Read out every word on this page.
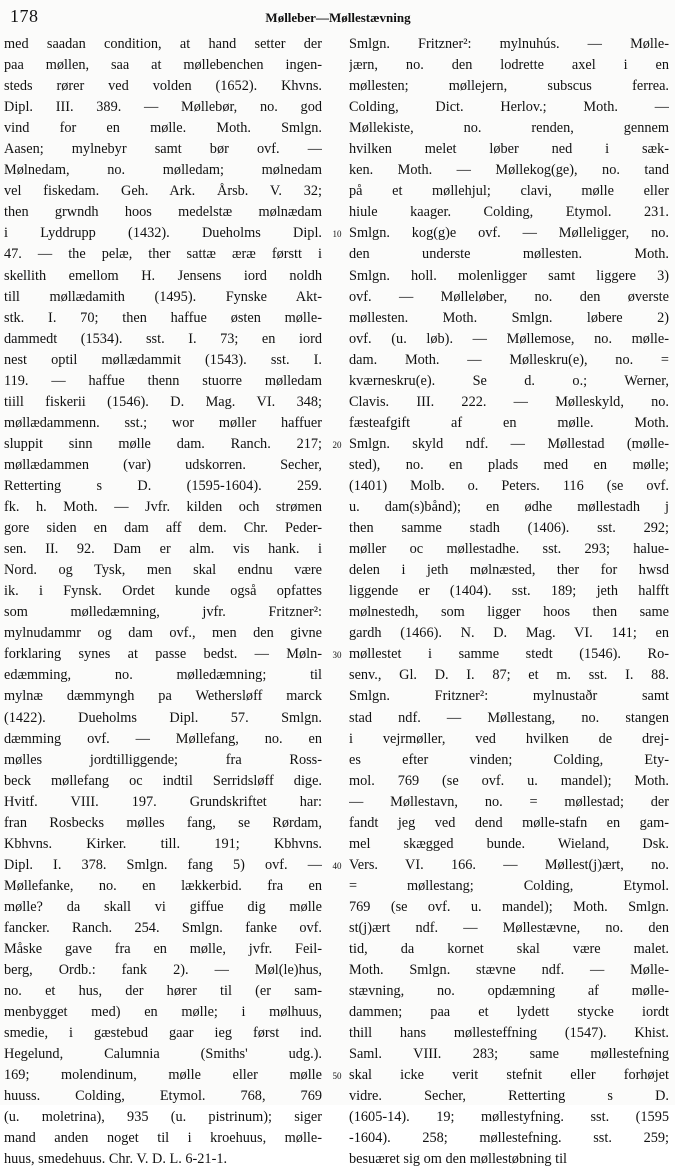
178	Mølleber—Møllestævning
med saadan condition, at hand setter der
paa møllen, saa at møllebenchen ingen-
steds rører ved volden (1652). Khvns.
Dipl. III. 389. — Møllebør, no. god
vind for en mølle. Moth. Smlgn.
Aasen; mylnebyr samt bør ovf. —
Mølnedam, no. mølledam; mølnedam
vel fiskedam. Geh. Ark. Årsb. V. 32;
then grwndh hoos medelstæ mølnædam
i Lyddrupp (1432). Dueholms Dipl.
47. — the pelæ, ther sattæ æræ førstt i
skellith emellom H. Jensens iord noldh
till møllædamith (1495). Fynske Akt-
stk. I. 70; then haffue østen mølle-
dammedt (1534). sst. I. 73; en iord
nest optil møllædammit (1543). sst. I.
119. — haffue thenn stuorre mølledam
tiill fiskerii (1546). D. Mag. VI. 348;
møllædammenn. sst.; wor møller haffuer
sluppit sinn mølle dam. Ranch. 217;
møllædammen (var) udskorren. Secher,
Retterting s D. (1595-1604). 259.
fk. h. Moth. — Jvfr. kilden och strømen
gore siden en dam aff dem. Chr. Peder-
sen. II. 92. Dam er alm. vis hank. i
Nord. og Tysk, men skal endnu være
ik. i Fynsk. Ordet kunde også opfattes
som mølledæmning, jvfr. Fritzner²:
mylnudammr og dam ovf., men den givne
forklaring synes at passe bedst. — Møln-
edæmming, no. mølledæmning; til
mylnæ dæmmyngh pa Wethersløff marck
(1422). Dueholms Dipl. 57. Smlgn.
dæmming ovf. — Møllefang, no. en
mølles jordtilliggende; fra Ross-
beck møllefang oc indtil Serridsløff dige.
Hvitf. VIII. 197. Grundskriftet har:
fran Rosbecks mølles fang, se Rørdam,
Kbhvns. Kirker. till. 191; Kbhvns.
Dipl. I. 378. Smlgn. fang 5) ovf. —
Møllefanke, no. en lækkerbid. fra en
mølle? da skall vi giffue dig mølle
fancker. Ranch. 254. Smlgn. fanke ovf.
Måske gave fra en mølle, jvfr. Feil-
berg, Ordb.: fank 2). — Møl(le)hus,
no. et hus, der hører til (er sam-
menbygget med) en mølle; i mølhuus,
smedie, i gæstebud gaar ieg først ind.
Hegelund, Calumnia (Smiths' udg.).
169; molendinum, mølle eller mølle
huuss. Colding, Etymol. 768, 769
(u. moletrina), 935 (u. pistrinum); siger
mand anden noget til i kroehuus, mølle-
huus, smedehuus. Chr. V. D. L. 6-21-1.
10
20
30
40
50
Smlgn. Fritzner²: mylnuhús. — Mølle-
jærn, no. den lodrette axel i en
møllesten; møllejern, subscus ferrea.
Colding, Dict. Herlov.; Moth. —
Møllekiste, no. renden, gennem
hvilken melet løber ned i sæk-
ken. Moth. — Møllekog(ge), no. tand
på et møllehjul; clavi, mølle eller
hiule kaager. Colding, Etymol. 231.
Smlgn. kog(g)e ovf. — Mølleligger, no.
den underste møllesten. Moth.
Smlgn. holl. molenligger samt liggere 3)
ovf. — Mølleløber, no. den øverste
møllesten. Moth. Smlgn. løbere 2)
ovf. (u. løb). — Møllemose, no. mølle-
dam. Moth. — Mølleskru(e), no. =
kværneskru(e). Se d. o.; Werner,
Clavis. III. 222. — Mølleskyld, no.
fæsteafgift af en mølle. Moth.
Smlgn. skyld ndf. — Møllestad (mølle-
sted), no. en plads med en mølle;
(1401) Molb. o. Peters. 116 (se ovf.
u. dam(s)bånd); en ødhe møllestadh j
then samme stadh (1406). sst. 292;
møller oc møllestadhe. sst. 293; halue-
delen i jeth mølnæsted, ther for hwsd
liggende er (1404). sst. 189; jeth halfft
mølnestedh, som ligger hoos then same
gardh (1466). N. D. Mag. VI. 141; en
møllestet i samme stedt (1546). Ro-
senv., Gl. D. I. 87; et m. sst. I. 88.
Smlgn. Fritzner²: mylnustaðr samt
stad ndf. — Møllestang, no. stangen
i vejrmøller, ved hvilken de drej-
es efter vinden; Colding, Ety-
mol. 769 (se ovf. u. mandel); Moth.
— Møllestavn, no. = møllestad; der
fandt jeg ved dend mølle-stafn en gam-
mel skægged bunde. Wieland, Dsk.
Vers. VI. 166. — Møllest(j)ært, no.
= møllestang; Colding, Etymol.
769 (se ovf. u. mandel); Moth. Smlgn.
st(j)ært ndf. — Møllestævne, no. den
tid, da kornet skal være malet.
Moth. Smlgn. stævne ndf. — Mølle-
stævning, no. opdæmning af mølle-
dammen; paa et lydett stycke iordt
thill hans møllesteffning (1547). Khist.
Saml. VIII. 283; same møllestefning
skal icke verit stefnit eller forhøjet
vidre. Secher, Retterting s D.
(1605-14). 19; møllestyfning. sst. (1595
-1604). 258; møllestefning. sst. 259;
besuæret sig om den møllestøbning til
